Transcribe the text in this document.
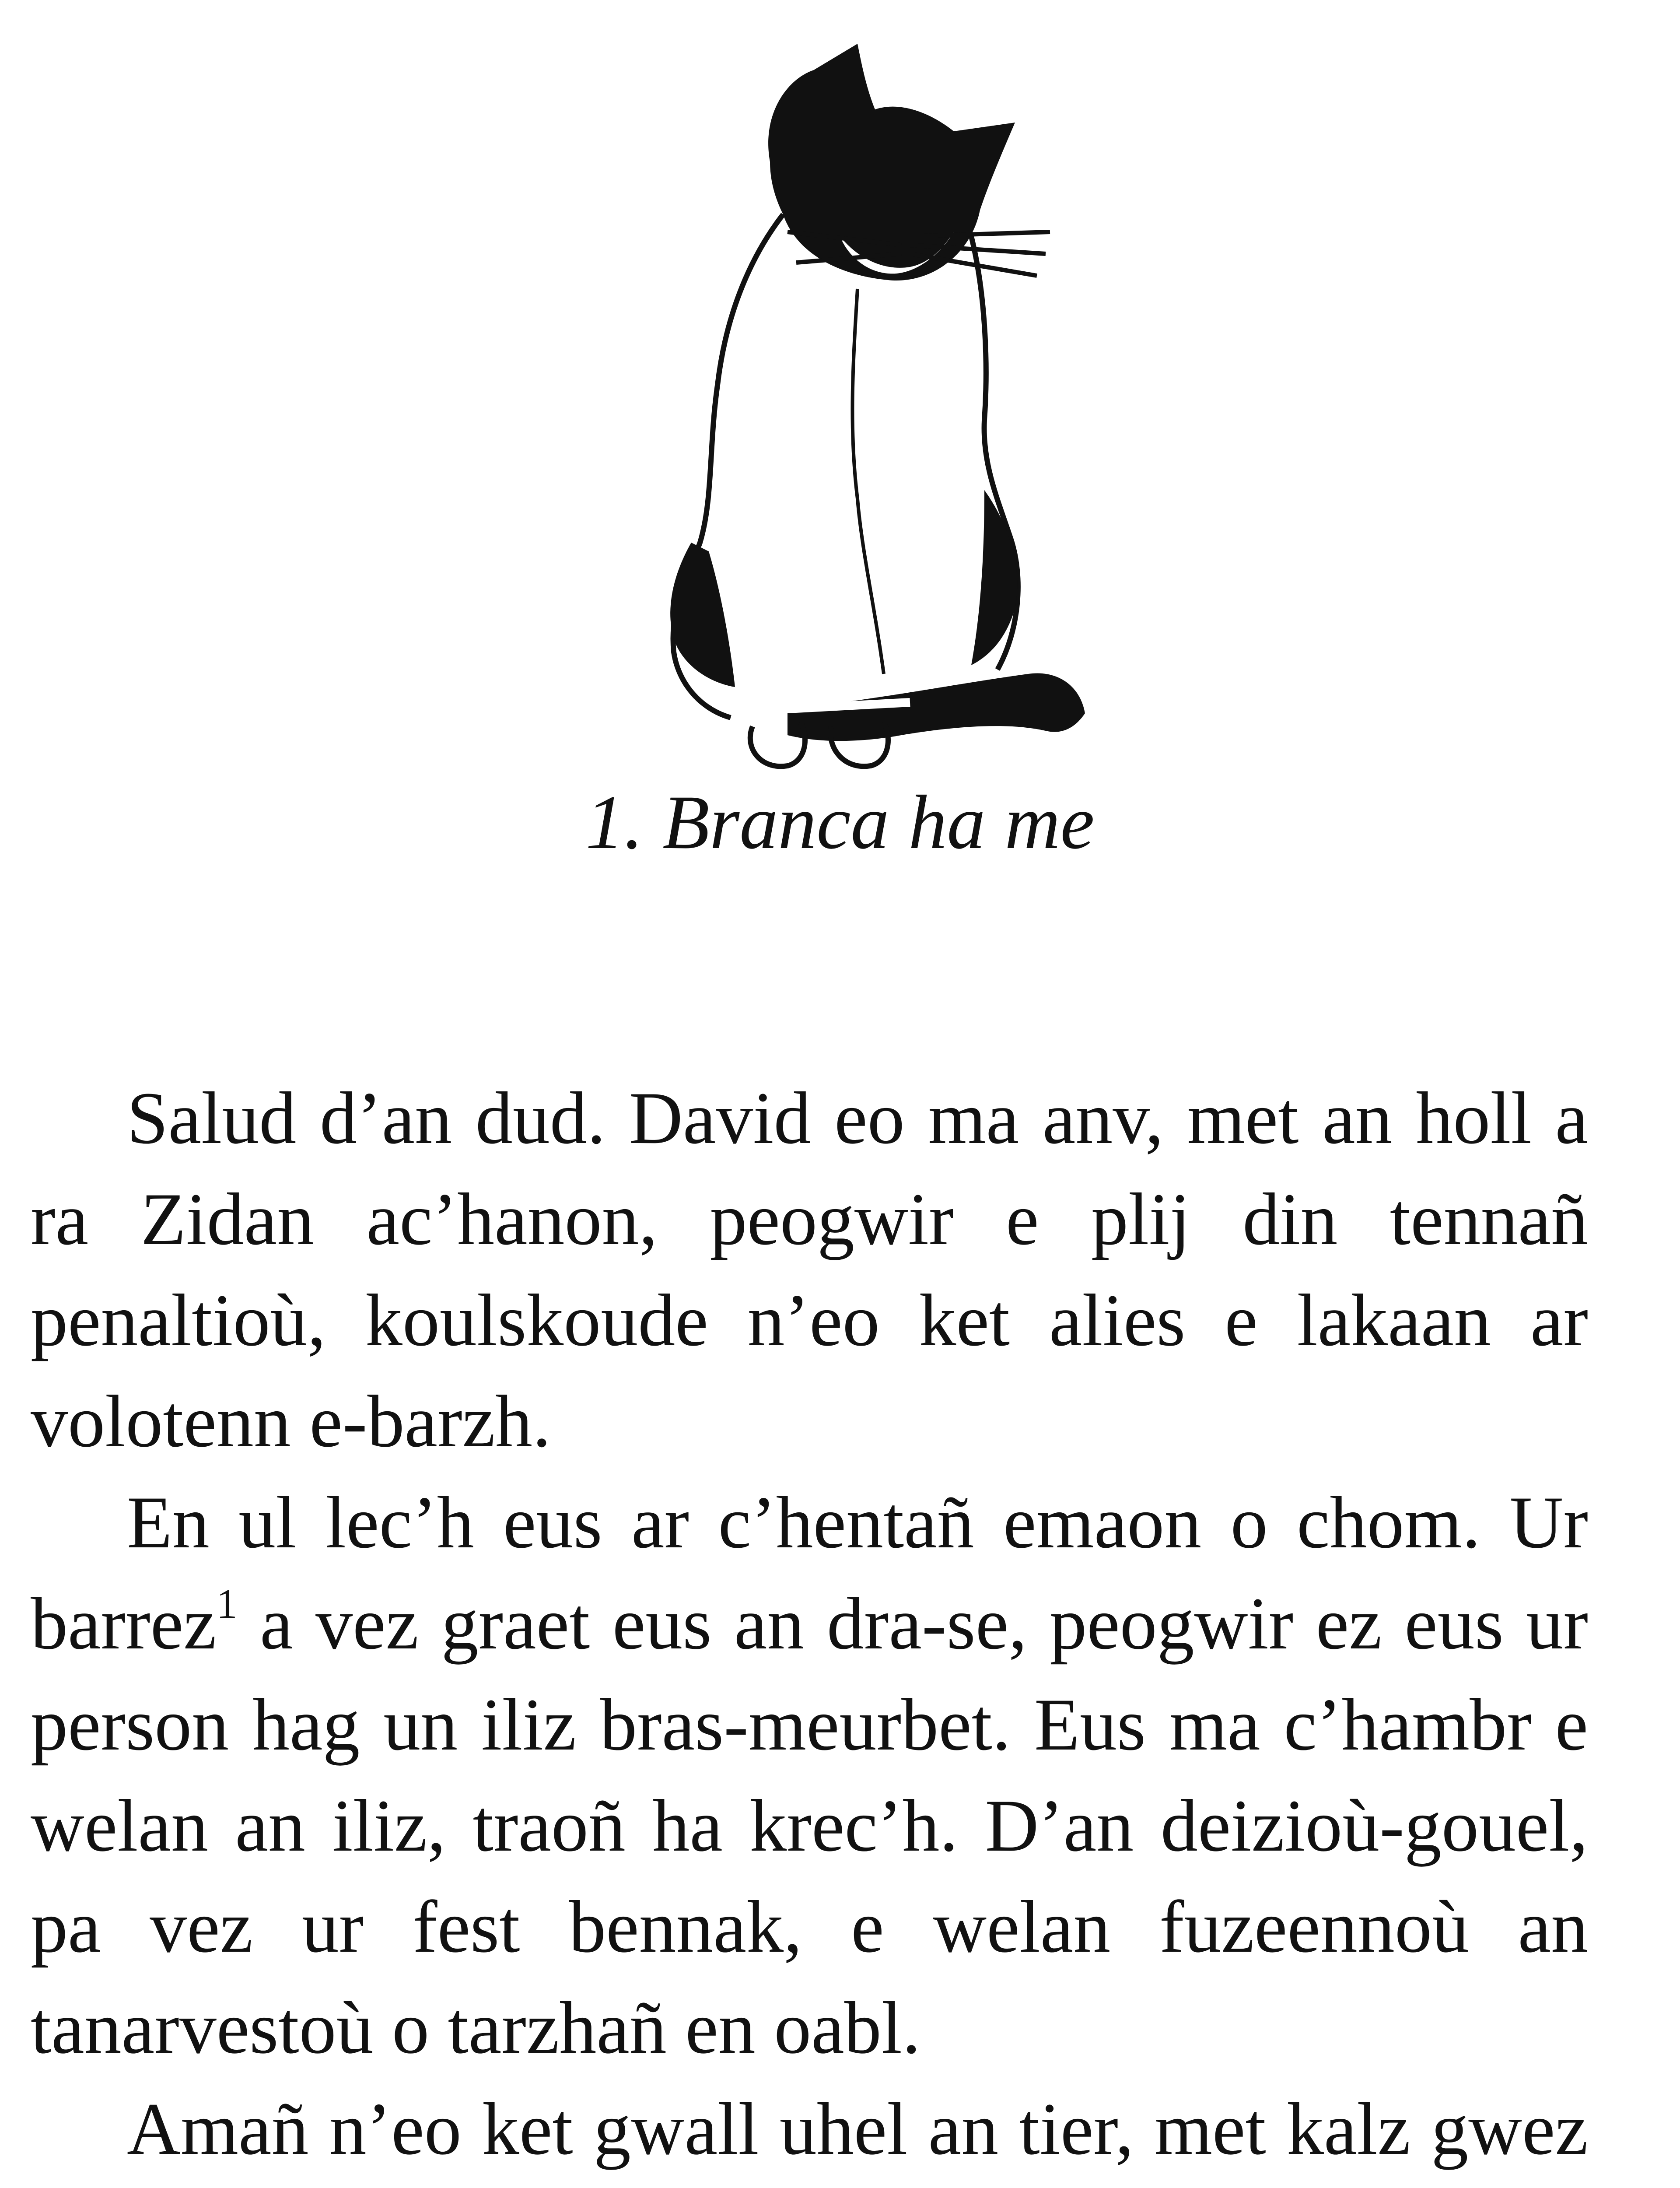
1. Branca ha me

Salud d’an dud. David eo ma anv, met an holl a ra Zidan ac’hanon, peogwir e plij din tennañ penaltioù, koulskoude n’eo ket alies e lakaan ar volotenn e-barzh.

En ul lec’h eus ar c’hentañ emaon o chom. Ur barrez$^1$ a vez graet eus an dra-se, peogwir ez eus ur person hag un iliz bras-meurbet. Eus ma c’hambr e welan an iliz, traoñ ha krec’h. D’an deizioù-gouel, pa vez ur fest bennak, e welan fuzeennoù an tanarvestoù o tarzhañ en oabl.

Amañ n’eo ket gwall uhel an tier, met kalz gwez
